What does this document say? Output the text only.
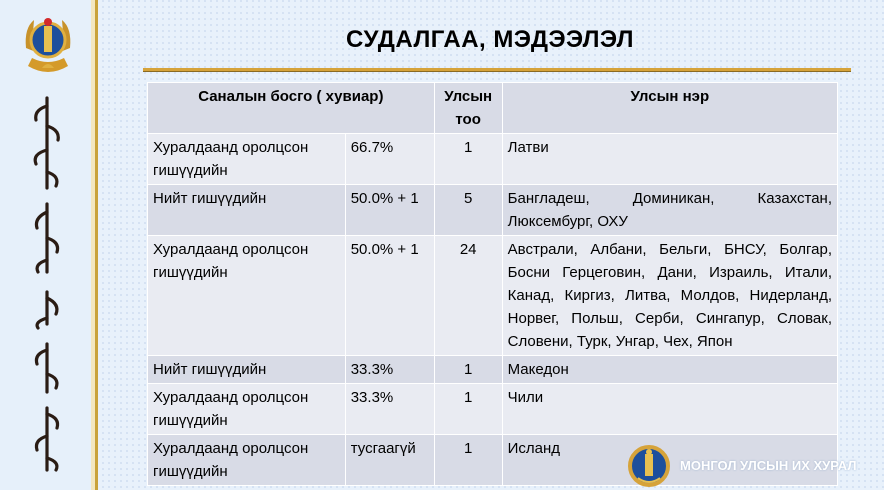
СУДАЛГАА, МЭДЭЭЛЭЛ
Саналын босго ( хувиар)		Улсын тоо	Улсын нэр
Хуралдаанд оролцсон гишүүдийн	66.7%	1	Латви
Нийт гишүүдийн	50.0% + 1	5	Бангладеш, Доминикан, Казахстан, Люксембург, ОХУ
Хуралдаанд оролцсон гишүүдийн	50.0% + 1	24	Австрали, Албани, Бельги, БНСУ, Болгар, Босни Герцеговин, Дани, Израиль, Итали, Канад, Киргиз, Литва, Молдов, Нидерланд, Норвег, Польш, Серби, Сингапур, Словак, Словени, Турк, Унгар, Чех, Япон
Нийт гишүүдийн	33.3%	1	Македон
Хуралдаанд оролцсон гишүүдийн	33.3%	1	Чили
Хуралдаанд оролцсон гишүүдийн	тусгаагүй	1	Исланд
МОНГОЛ УЛСЫН ИХ ХУРАЛ
